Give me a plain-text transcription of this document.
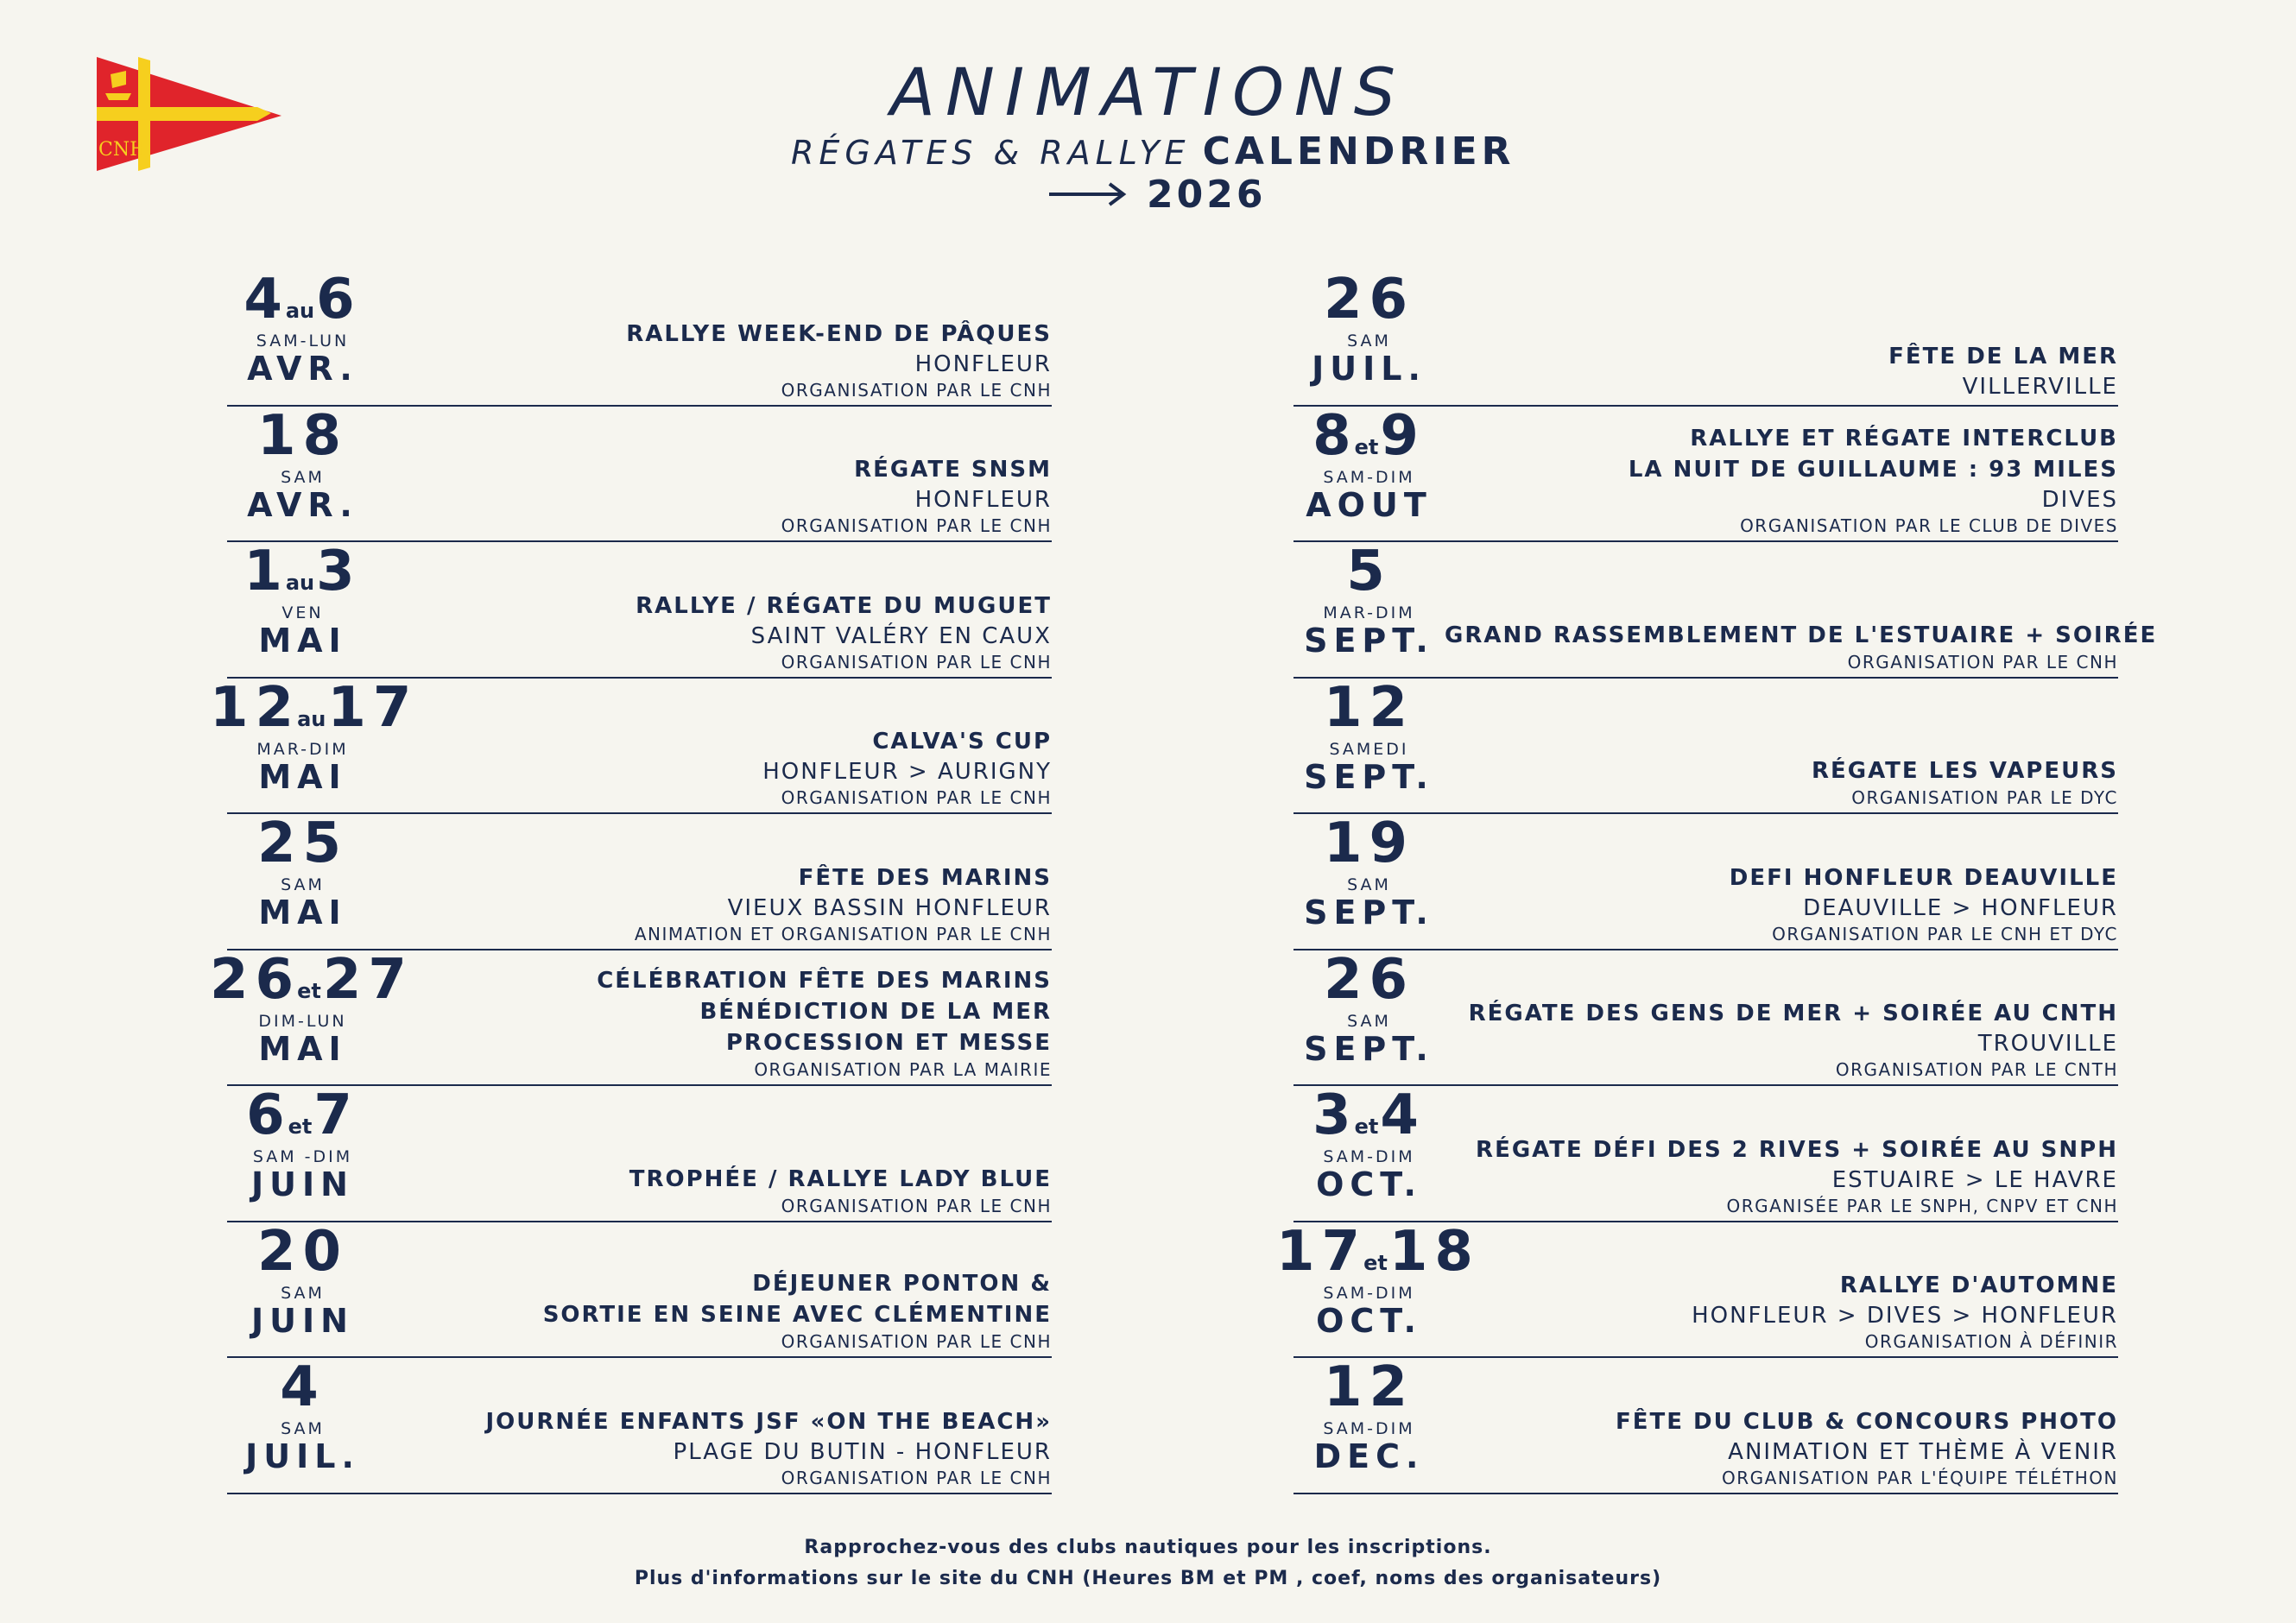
CNH
ANIMATIONS
RÉGATES & RALLYE CALENDRIER
2026
4au6
SAM-LUN
AVR.
RALLYE WEEK-END DE PÂQUES
HONFLEUR
ORGANISATION PAR LE CNH
18
SAM
AVR.
RÉGATE SNSM
HONFLEUR
ORGANISATION PAR LE CNH
1au3
VEN
MAI
RALLYE / RÉGATE DU MUGUET
SAINT VALÉRY EN CAUX
ORGANISATION PAR LE CNH
12au17
MAR-DIM
MAI
CALVA'S CUP
HONFLEUR > AURIGNY
ORGANISATION PAR LE CNH
25
SAM
MAI
FÊTE DES MARINS
VIEUX BASSIN HONFLEUR
ANIMATION ET ORGANISATION PAR LE CNH
26et27
DIM-LUN
MAI
CÉLÉBRATION FÊTE DES MARINS
BÉNÉDICTION DE LA MER
PROCESSION ET MESSE
ORGANISATION PAR LA MAIRIE
6et7
SAM -DIM
JUIN	TROPHÉE / RALLYE LADY BLUE
ORGANISATION PAR LE CNH
20
SAM
JUIN
DÉJEUNER PONTON &
SORTIE EN SEINE AVEC CLÉMENTINE
ORGANISATION PAR LE CNH
4
SAM
JUIL.
JOURNÉE ENFANTS JSF «ON THE BEACH»
PLAGE DU BUTIN - HONFLEUR
ORGANISATION PAR LE CNH
26
SAM
JUIL.	FÊTE DE LA MER
VILLERVILLE
8et9
SAM-DIM
AOUT
RALLYE ET RÉGATE INTERCLUB
LA NUIT DE GUILLAUME : 93 MILES
DIVES
ORGANISATION PAR LE CLUB DE DIVES
5
MAR-DIM
SEPT. GRAND RASSEMBLEMENT DE L'ESTUAIRE + SOIRÉE
ORGANISATION PAR LE CNH
12
SAMEDI
SEPT.	RÉGATE LES VAPEURS
ORGANISATION PAR LE DYC
19
SAM
SEPT.
DEFI HONFLEUR DEAUVILLE
DEAUVILLE > HONFLEUR
ORGANISATION PAR LE CNH ET DYC
26
SAM
SEPT.
RÉGATE DES GENS DE MER + SOIRÉE AU CNTH
TROUVILLE
ORGANISATION PAR LE CNTH
3et4
SAM-DIM
OCT.
RÉGATE DÉFI DES 2 RIVES + SOIRÉE AU SNPH
ESTUAIRE > LE HAVRE
ORGANISÉE PAR LE SNPH, CNPV ET CNH
17et18
SAM-DIM
OCT.
RALLYE D'AUTOMNE
HONFLEUR > DIVES > HONFLEUR
ORGANISATION À DÉFINIR
12
SAM-DIM
DEC.
FÊTE DU CLUB & CONCOURS PHOTO
ANIMATION ET THÈME À VENIR
ORGANISATION PAR L'ÉQUIPE TÉLÉTHON
Rapprochez-vous des clubs nautiques pour les inscriptions.
Plus d'informations sur le site du CNH (Heures BM et PM , coef, noms des organisateurs)
